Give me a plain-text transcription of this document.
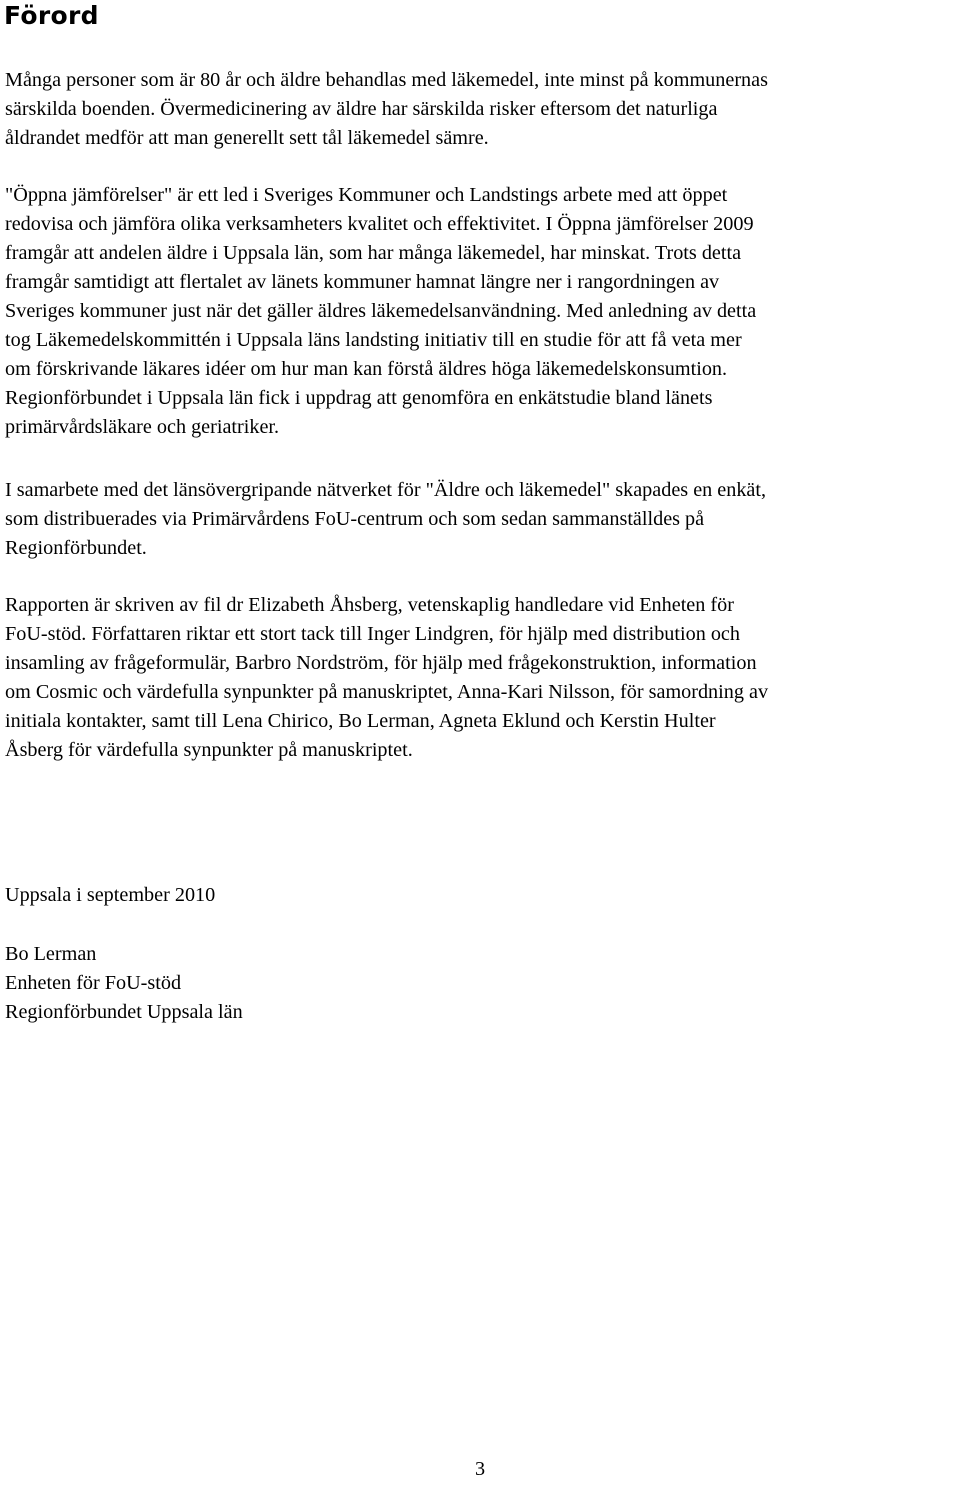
Förord

Många personer som är 80 år och äldre behandlas med läkemedel, inte minst på kommunernas
särskilda boenden. Övermedicinering av äldre har särskilda risker eftersom det naturliga
åldrandet medför att man generellt sett tål läkemedel sämre.

"Öppna jämförelser" är ett led i Sveriges Kommuner och Landstings arbete med att öppet
redovisa och jämföra olika verksamheters kvalitet och effektivitet. I Öppna jämförelser 2009
framgår att andelen äldre i Uppsala län, som har många läkemedel, har minskat. Trots detta
framgår samtidigt att flertalet av länets kommuner hamnat längre ner i rangordningen av
Sveriges kommuner just när det gäller äldres läkemedelsanvändning. Med anledning av detta
tog Läkemedelskommittén i Uppsala läns landsting initiativ till en studie för att få veta mer
om förskrivande läkares idéer om hur man kan förstå äldres höga läkemedelskonsumtion.
Regionförbundet i Uppsala län fick i uppdrag att genomföra en enkätstudie bland länets
primärvårdsläkare och geriatriker.

I samarbete med det länsövergripande nätverket för "Äldre och läkemedel" skapades en enkät,
som distribuerades via Primärvårdens FoU-centrum och som sedan sammanställdes på
Regionförbundet.

Rapporten är skriven av fil dr Elizabeth Åhsberg, vetenskaplig handledare vid Enheten för
FoU-stöd. Författaren riktar ett stort tack till Inger Lindgren, för hjälp med distribution och
insamling av frågeformulär, Barbro Nordström, för hjälp med frågekonstruktion, information
om Cosmic och värdefulla synpunkter på manuskriptet, Anna-Kari Nilsson, för samordning av
initiala kontakter, samt till Lena Chirico, Bo Lerman, Agneta Eklund och Kerstin Hulter
Åsberg för värdefulla synpunkter på manuskriptet.

Uppsala i september 2010

Bo Lerman
Enheten för FoU-stöd
Regionförbundet Uppsala län

3
